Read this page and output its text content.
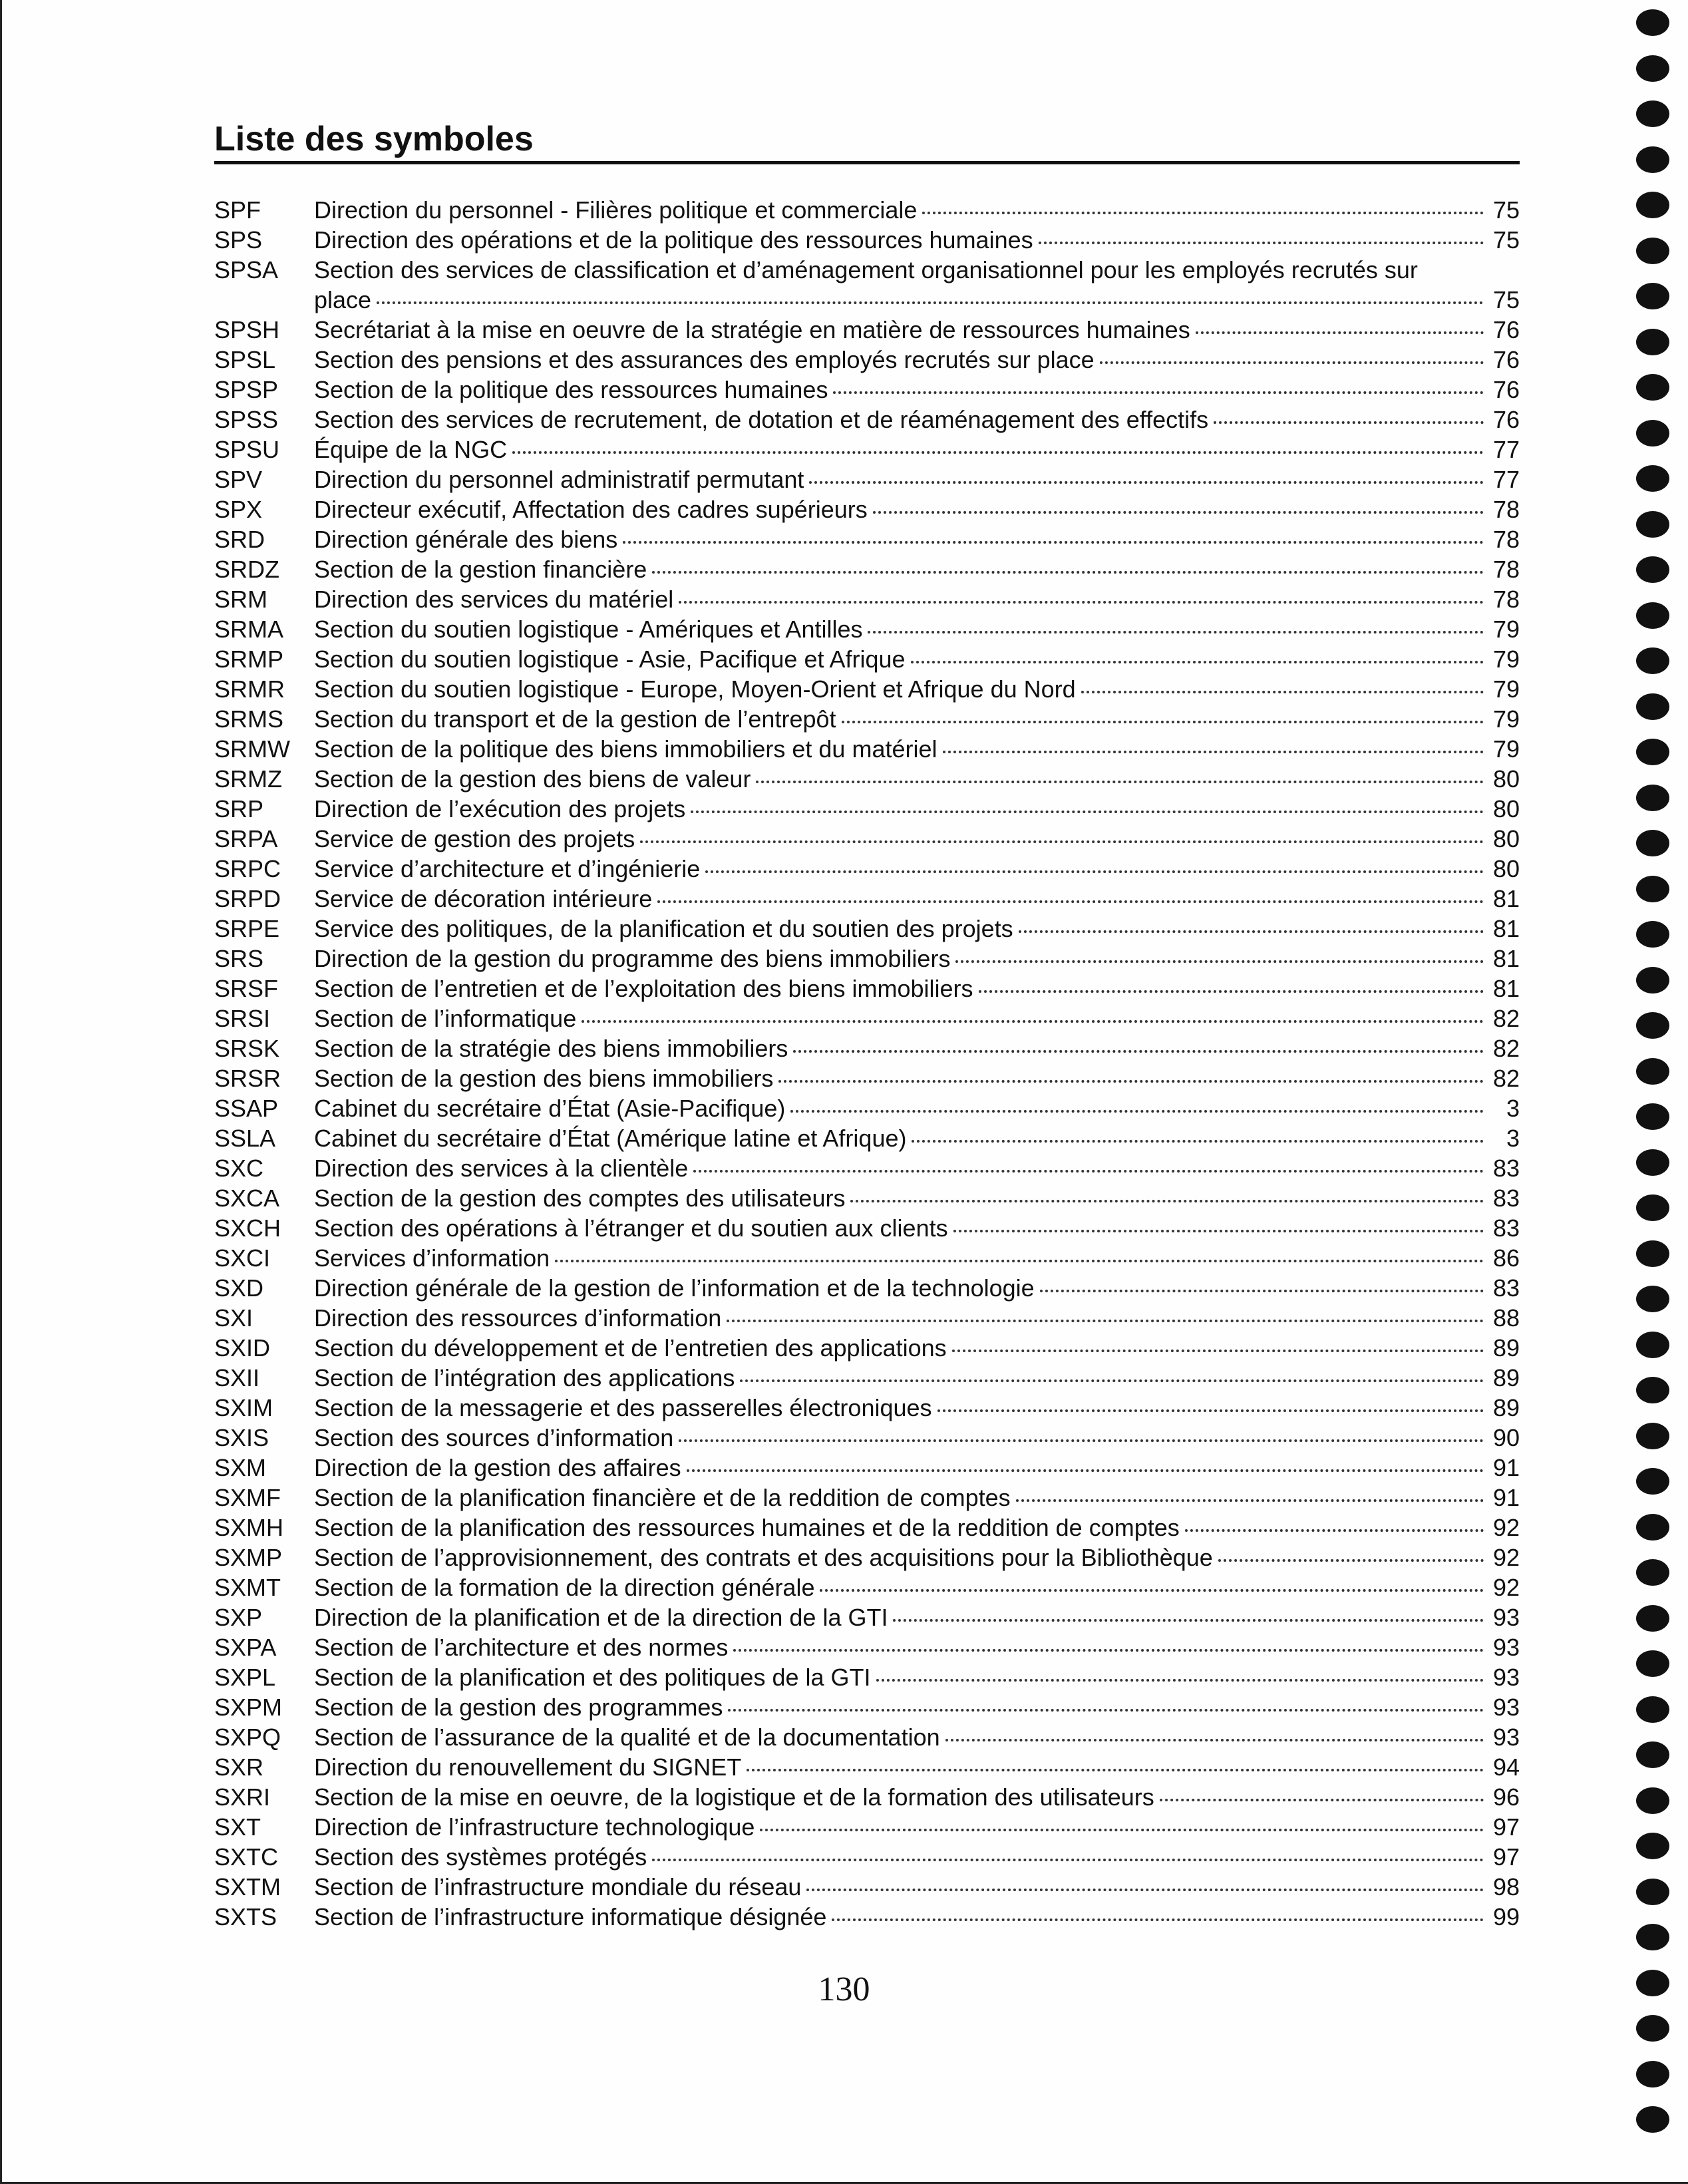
Liste des symboles
SPF	Direction du personnel - Filières politique et commerciale	75
SPS	Direction des opérations et de la politique des ressources humaines	75
SPSA	Section des services de classification et d’aménagement organisationnel pour les employés recrutés sur
place	75
SPSH	Secrétariat à la mise en oeuvre de la stratégie en matière de ressources humaines	76
SPSL	Section des pensions et des assurances des employés recrutés sur place	76
SPSP	Section de la politique des ressources humaines	76
SPSS	Section des services de recrutement, de dotation et de réaménagement des effectifs	76
SPSU	Équipe de la NGC	77
SPV	Direction du personnel administratif permutant	77
SPX	Directeur exécutif, Affectation des cadres supérieurs	78
SRD	Direction générale des biens	78
SRDZ	Section de la gestion financière	78
SRM	Direction des services du matériel	78
SRMA	Section du soutien logistique - Amériques et Antilles	79
SRMP	Section du soutien logistique - Asie, Pacifique et Afrique	79
SRMR	Section du soutien logistique - Europe, Moyen-Orient et Afrique du Nord	79
SRMS	Section du transport et de la gestion de l’entrepôt	79
SRMW	Section de la politique des biens immobiliers et du matériel	79
SRMZ	Section de la gestion des biens de valeur	80
SRP	Direction de l’exécution des projets	80
SRPA	Service de gestion des projets	80
SRPC	Service d’architecture et d’ingénierie	80
SRPD	Service de décoration intérieure	81
SRPE	Service des politiques, de la planification et du soutien des projets	81
SRS	Direction de la gestion du programme des biens immobiliers	81
SRSF	Section de l’entretien et de l’exploitation des biens immobiliers	81
SRSI	Section de l’informatique	82
SRSK	Section de la stratégie des biens immobiliers	82
SRSR	Section de la gestion des biens immobiliers	82
SSAP	Cabinet du secrétaire d’État (Asie-Pacifique)	3
SSLA	Cabinet du secrétaire d’État (Amérique latine et Afrique)	3
SXC	Direction des services à la clientèle	83
SXCA	Section de la gestion des comptes des utilisateurs	83
SXCH	Section des opérations à l’étranger et du soutien aux clients	83
SXCI	Services d’information	86
SXD	Direction générale de la gestion de l’information et de la technologie	83
SXI	Direction des ressources d’information	88
SXID	Section du développement et de l’entretien des applications	89
SXII	Section de l’intégration des applications	89
SXIM	Section de la messagerie et des passerelles électroniques	89
SXIS	Section des sources d’information	90
SXM	Direction de la gestion des affaires	91
SXMF	Section de la planification financière et de la reddition de comptes	91
SXMH	Section de la planification des ressources humaines et de la reddition de comptes	92
SXMP	Section de l’approvisionnement, des contrats et des acquisitions pour la Bibliothèque	92
SXMT	Section de la formation de la direction générale	92
SXP	Direction de la planification et de la direction de la GTI	93
SXPA	Section de l’architecture et des normes	93
SXPL	Section de la planification et des politiques de la GTI	93
SXPM	Section de la gestion des programmes	93
SXPQ	Section de l’assurance de la qualité et de la documentation	93
SXR	Direction du renouvellement du SIGNET	94
SXRI	Section de la mise en oeuvre, de la logistique et de la formation des utilisateurs	96
SXT	Direction de l’infrastructure technologique	97
SXTC	Section des systèmes protégés	97
SXTM	Section de l’infrastructure mondiale du réseau	98
SXTS	Section de l’infrastructure informatique désignée	99
130
